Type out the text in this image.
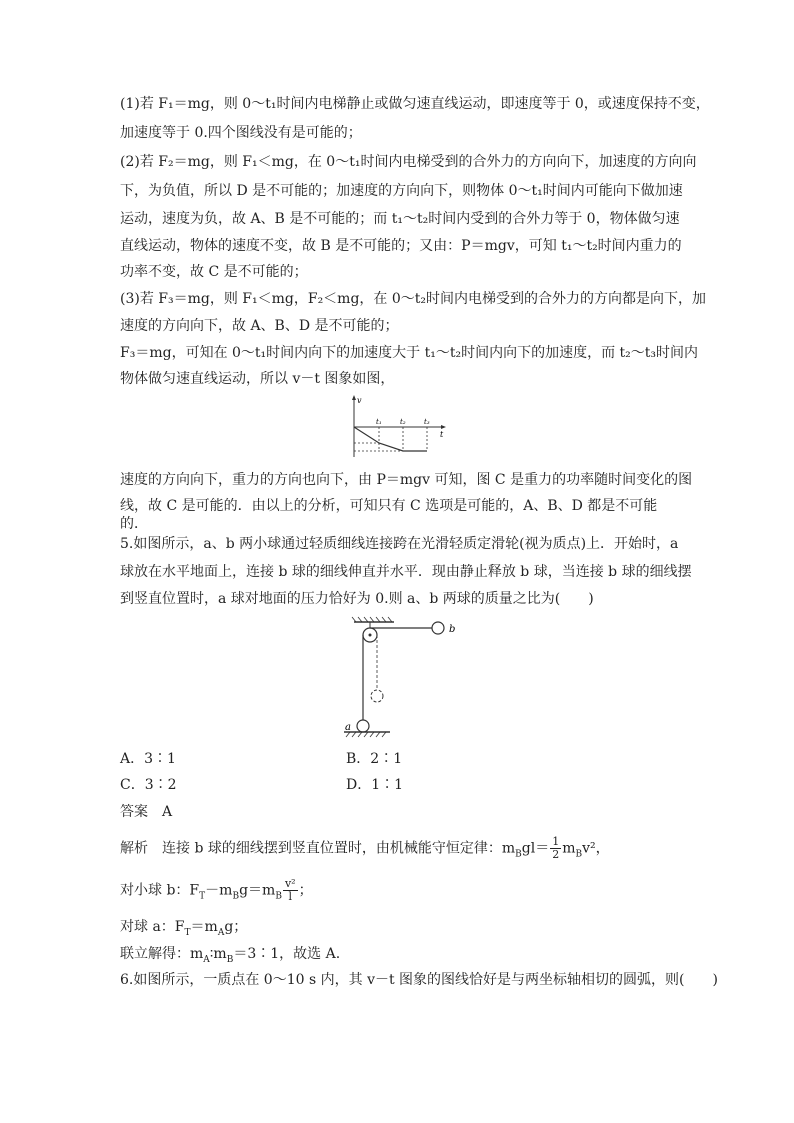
(1)若 F₁＝mg，则 0～t₁时间内电梯静止或做匀速直线运动，即速度等于 0，或速度保持不变，
加速度等于 0.四个图线没有是可能的；
(2)若 F₂＝mg，则 F₁＜mg，在 0～t₁时间内电梯受到的合外力的方向向下，加速度的方向向
下，为负值，所以 D 是不可能的；加速度的方向向下，则物体 0～t₁时间内可能向下做加速
运动，速度为负，故 A、B 是不可能的；而 t₁～t₂时间内受到的合外力等于 0，物体做匀速
直线运动，物体的速度不变，故 B 是不可能的；又由：P＝mgv，可知 t₁～t₂时间内重力的
功率不变，故 C 是不可能的；
(3)若 F₃＝mg，则 F₁＜mg，F₂＜mg，在 0～t₂时间内电梯受到的合外力的方向都是向下，加
速度的方向向下，故 A、B、D 是不可能的；
F₃＝mg，可知在 0～t₁时间内向下的加速度大于 t₁～t₂时间内向下的加速度，而 t₂～t₃时间内
物体做匀速直线运动，所以 v－t 图象如图，
v
t
t₁	t₂	t₃
速度的方向向下，重力的方向也向下，由 P＝mgv 可知，图 C 是重力的功率随时间变化的图
线，故 C 是可能的．由以上的分析，可知只有 C 选项是可能的，A、B、D 都是不可能
的．
5.如图所示，a、b 两小球通过轻质细线连接跨在光滑轻质定滑轮(视为质点)上．开始时，a
球放在水平地面上，连接 b 球的细线伸直并水平．现由静止释放 b 球，当连接 b 球的细线摆
到竖直位置时，a 球对地面的压力恰好为 0.则 a、b 两球的质量之比为(　　)
b
a
A．3∶1	B．2∶1
C．3∶2	D．1∶1
答案　A
解析　连接 b 球的细线摆到竖直位置时，由机械能守恒定律：$m_Bgl= \frac{1}{2} m_Bv^2$，
对小球 b：$F_T-m_Bg=m_B \frac{\text{v²}}{l}$ ；
对球 a：$F_T=m_Ag$；
联立解得：$m_A∶m_B=3∶1$，故选 A.
6.如图所示，一质点在 0～10 s 内，其 v－t 图象的图线恰好是与两坐标轴相切的圆弧，则(　　)
